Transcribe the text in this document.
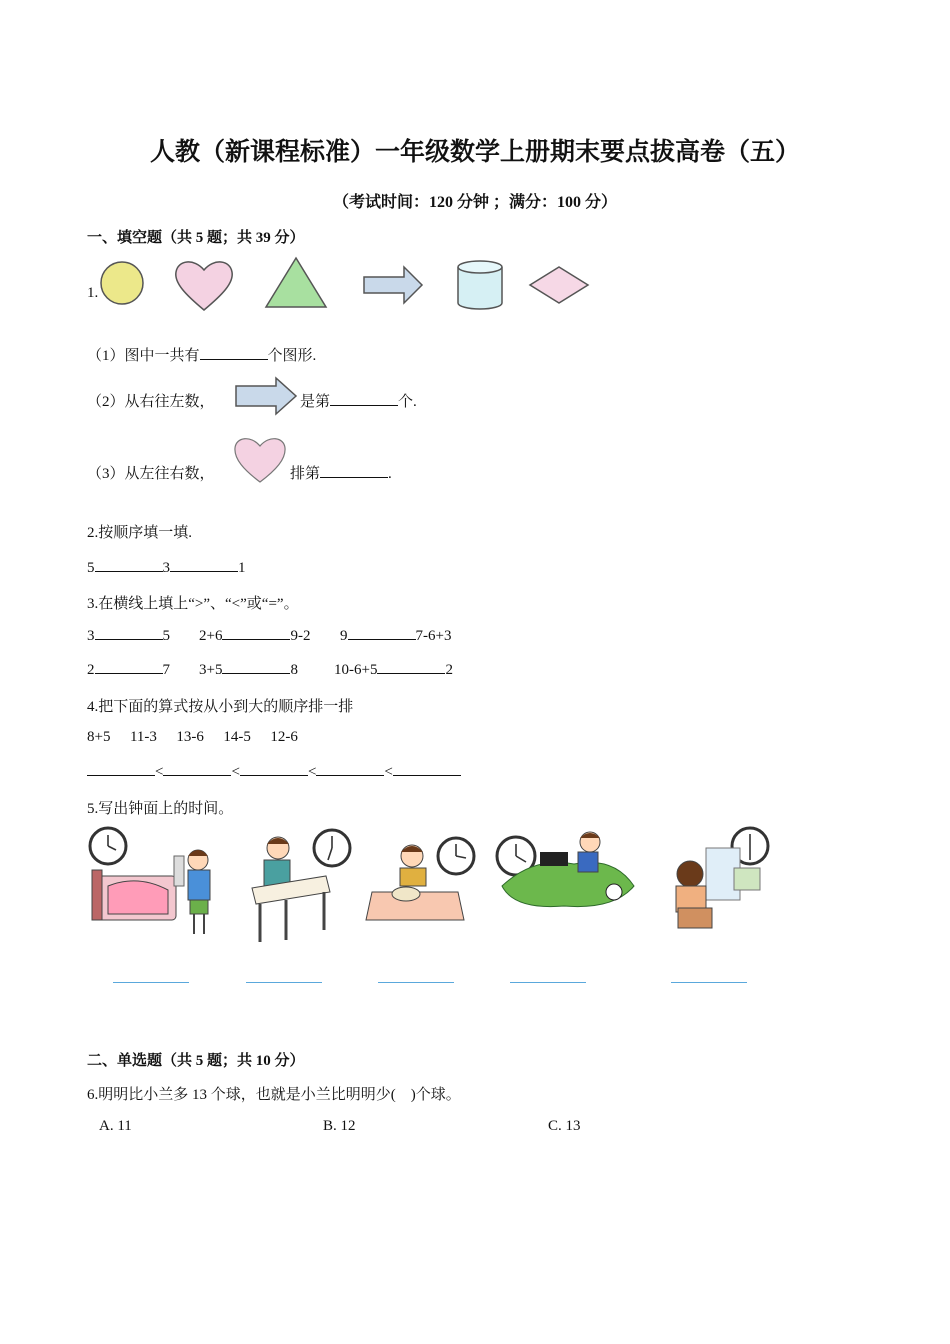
人教（新课程标准）一年级数学上册期末要点拔高卷（五）
（考试时间：120 分钟 ；满分：100 分）
一、填空题（共 5 题；共 39 分）
1.
（1）图中一共有	个图形.
（2）从右往左数，	是第	个.
（3）从左往右数，	排第	.
2.按顺序填一填.
5	3	1
3.在横线上填上“>”、“<”或“=”。
3	5 2+6	9-2 9	7-6+3
2	7 3+5	8 10-6+5	2
4.把下面的算式按从小到大的顺序排一排
8+5 11-3 13-6 14-5 12-6
<	<	<	<
5.写出钟面上的时间。
二、单选题（共 5 题；共 10 分）
6.明明比小兰多 13 个球，也就是小兰比明明少(　)个球。
A. 11	B. 12	C. 13
